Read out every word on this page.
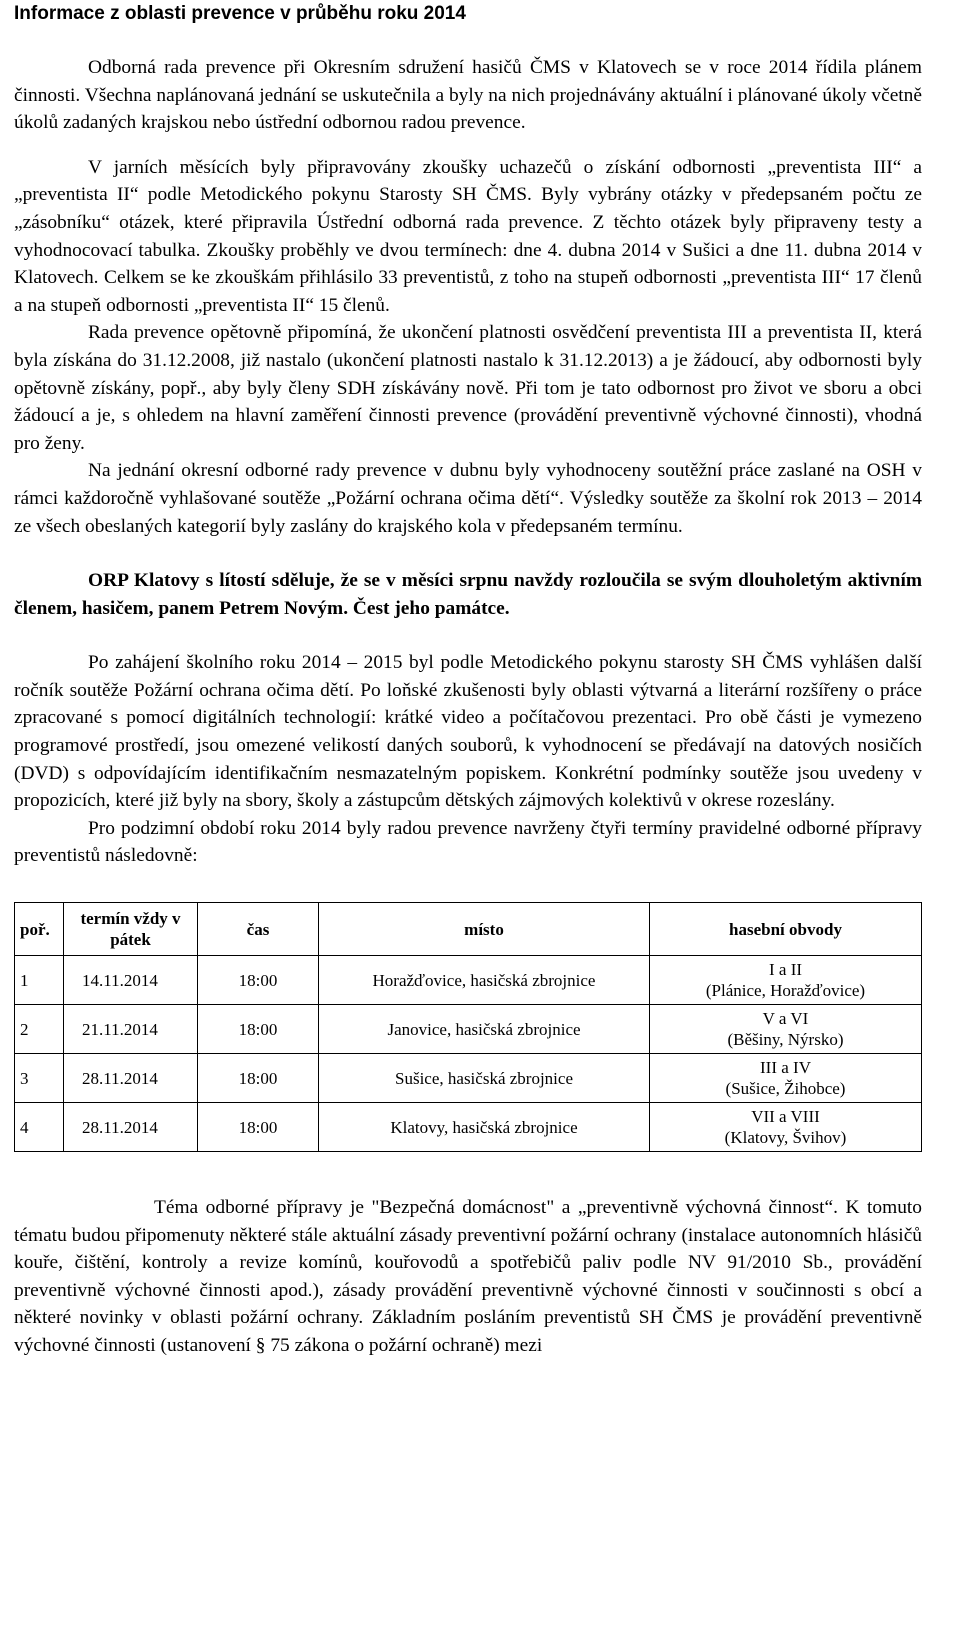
Informace z oblasti prevence v průběhu roku 2014

Odborná rada prevence při Okresním sdružení hasičů ČMS v Klatovech se v roce 2014 řídila plánem činnosti. Všechna naplánovaná jednání se uskutečnila a byly na nich projednávány aktuální i plánované úkoly včetně úkolů zadaných krajskou nebo ústřední odbornou radou prevence.

V jarních měsících byly připravovány zkoušky uchazečů o získání odbornosti „preventista III“ a „preventista II“ podle Metodického pokynu Starosty SH ČMS. Byly vybrány otázky v předepsaném počtu ze „zásobníku“ otázek, které připravila Ústřední odborná rada prevence. Z těchto otázek byly připraveny testy a vyhodnocovací tabulka. Zkoušky proběhly ve dvou termínech: dne 4. dubna 2014 v Sušici a dne 11. dubna 2014 v Klatovech. Celkem se ke zkouškám přihlásilo 33 preventistů, z toho na stupeň odbornosti „preventista III“ 17 členů a na stupeň odbornosti „preventista II“ 15 členů.

Rada prevence opětovně připomíná, že ukončení platnosti osvědčení preventista III a preventista II, která byla získána do 31.12.2008, již nastalo (ukončení platnosti nastalo k 31.12.2013) a je žádoucí, aby odbornosti byly opětovně získány, popř., aby byly členy SDH získávány nově. Při tom je tato odbornost pro život ve sboru a obci žádoucí a je, s ohledem na hlavní zaměření činnosti prevence (provádění preventivně výchovné činnosti), vhodná pro ženy.

Na jednání okresní odborné rady prevence v dubnu byly vyhodnoceny soutěžní práce zaslané na OSH v rámci každoročně vyhlašované soutěže „Požární ochrana očima dětí“. Výsledky soutěže za školní rok 2013 – 2014 ze všech obeslaných kategorií byly zaslány do krajského kola v předepsaném termínu.

ORP Klatovy s lítostí sděluje, že se v měsíci srpnu navždy rozloučila se svým dlouholetým aktivním členem, hasičem, panem Petrem Novým. Čest jeho památce.

Po zahájení školního roku 2014 – 2015 byl podle Metodického pokynu starosty SH ČMS vyhlášen další ročník soutěže Požární ochrana očima dětí. Po loňské zkušenosti byly oblasti výtvarná a literární rozšířeny o práce zpracované s pomocí digitálních technologií: krátké video a počítačovou prezentaci. Pro obě části je vymezeno programové prostředí, jsou omezené velikostí daných souborů, k vyhodnocení se předávají na datových nosičích (DVD) s odpovídajícím identifikačním nesmazatelným popiskem. Konkrétní podmínky soutěže jsou uvedeny v propozicích, které již byly na sbory, školy a zástupcům dětských zájmových kolektivů v okrese rozeslány.

Pro podzimní období roku 2014 byly radou prevence navrženy čtyři termíny pravidelné odborné přípravy preventistů následovně:

poř.	termín vždy v pátek	čas	místo	hasební obvody
1	14.11.2014	18:00	Horažďovice, hasičská zbrojnice	I a II
(Plánice, Horažďovice)

2	21.11.2014	18:00	Janovice, hasičská zbrojnice	V a VI
(Běšiny, Nýrsko)

3	28.11.2014	18:00	Sušice, hasičská zbrojnice	III a IV
(Sušice, Žihobce)

4	28.11.2014	18:00	Klatovy, hasičská zbrojnice	VII a VIII
(Klatovy, Švihov)

Téma odborné přípravy je "Bezpečná domácnost" a „preventivně výchovná činnost“. K tomuto tématu budou připomenuty některé stále aktuální zásady preventivní požární ochrany (instalace autonomních hlásičů kouře, čištění, kontroly a revize komínů, kouřovodů a spotřebičů paliv podle NV 91/2010 Sb., provádění preventivně výchovné činnosti apod.), zásady provádění preventivně výchovné činnosti v součinnosti s obcí a některé novinky v oblasti požární ochrany. Základním posláním preventistů SH ČMS je provádění preventivně výchovné činnosti (ustanovení § 75 zákona o požární ochraně) mezi
